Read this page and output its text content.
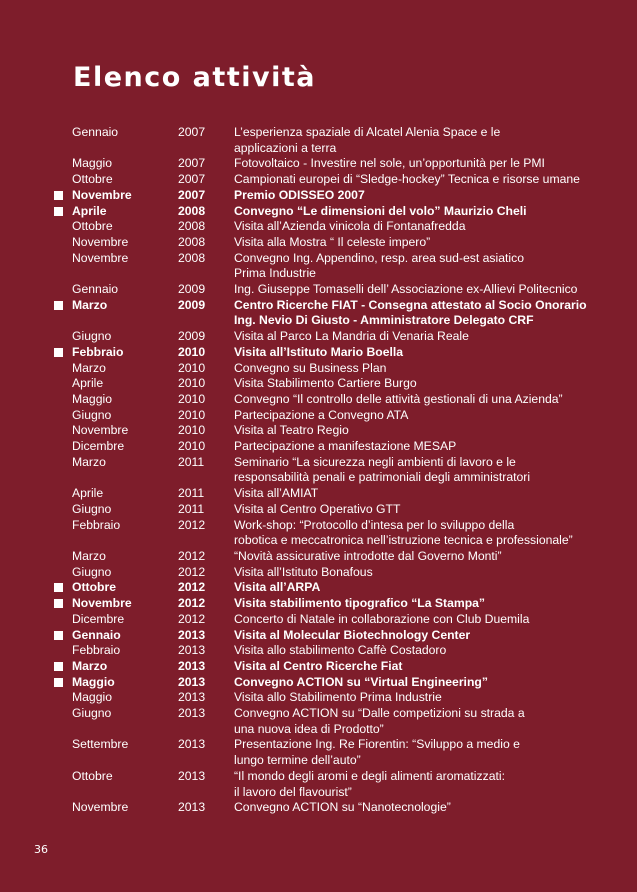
Elenco attività
Gennaio	2007 L’esperienza spaziale di Alcatel Alenia Space e le
applicazioni a terra
Maggio	2007 Fotovoltaico - Investire nel sole, un’opportunità per le PMI
Ottobre	2007 Campionati europei di “Sledge-hockey” Tecnica e risorse umane
Novembre	2007 Premio ODISSEO 2007
Aprile	2008 Convegno “Le dimensioni del volo” Maurizio Cheli
Ottobre	2008 Visita all’Azienda vinicola di Fontanafredda
Novembre	2008 Visita alla Mostra “ Il celeste impero”
Novembre	2008 Convegno Ing. Appendino, resp. area sud-est asiatico
Prima Industrie
Gennaio	2009 Ing. Giuseppe Tomaselli dell’ Associazione ex-Allievi Politecnico
Marzo	2009 Centro Ricerche FIAT - Consegna attestato al Socio Onorario
Ing. Nevio Di Giusto - Amministratore Delegato CRF
Giugno	2009 Visita al Parco La Mandria di Venaria Reale
Febbraio	2010 Visita all’Istituto Mario Boella
Marzo	2010 Convegno su Business Plan
Aprile	2010 Visita Stabilimento Cartiere Burgo
Maggio	2010 Convegno “Il controllo delle attività gestionali di una Azienda”
Giugno	2010 Partecipazione a Convegno ATA
Novembre	2010 Visita al Teatro Regio
Dicembre	2010 Partecipazione a manifestazione MESAP
Marzo	2011 Seminario “La sicurezza negli ambienti di lavoro e le
responsabilità penali e patrimoniali degli amministratori
Aprile	2011 Visita all’AMIAT
Giugno	2011 Visita al Centro Operativo GTT
Febbraio	2012 Work-shop: “Protocollo d’intesa per lo sviluppo della
robotica e meccatronica nell’istruzione tecnica e professionale”
Marzo	2012 “Novità assicurative introdotte dal Governo Monti”
Giugno	2012 Visita all’Istituto Bonafous
Ottobre	2012 Visita all’ARPA
Novembre	2012 Visita stabilimento tipografico “La Stampa”
Dicembre	2012 Concerto di Natale in collaborazione con Club Duemila
Gennaio	2013 Visita al Molecular Biotechnology Center
Febbraio	2013 Visita allo stabilimento Caffè Costadoro
Marzo	2013 Visita al Centro Ricerche Fiat
Maggio	2013 Convegno ACTION su “Virtual Engineering”
Maggio	2013 Visita allo Stabilimento Prima Industrie
Giugno	2013 Convegno ACTION su “Dalle competizioni su strada a
una nuova idea di Prodotto”
Settembre	2013 Presentazione Ing. Re Fiorentin: “Sviluppo a medio e
lungo termine dell’auto”
Ottobre	2013 “Il mondo degli aromi e degli alimenti aromatizzati:
il lavoro del flavourist”
Novembre	2013 Convegno ACTION su “Nanotecnologie”
36
